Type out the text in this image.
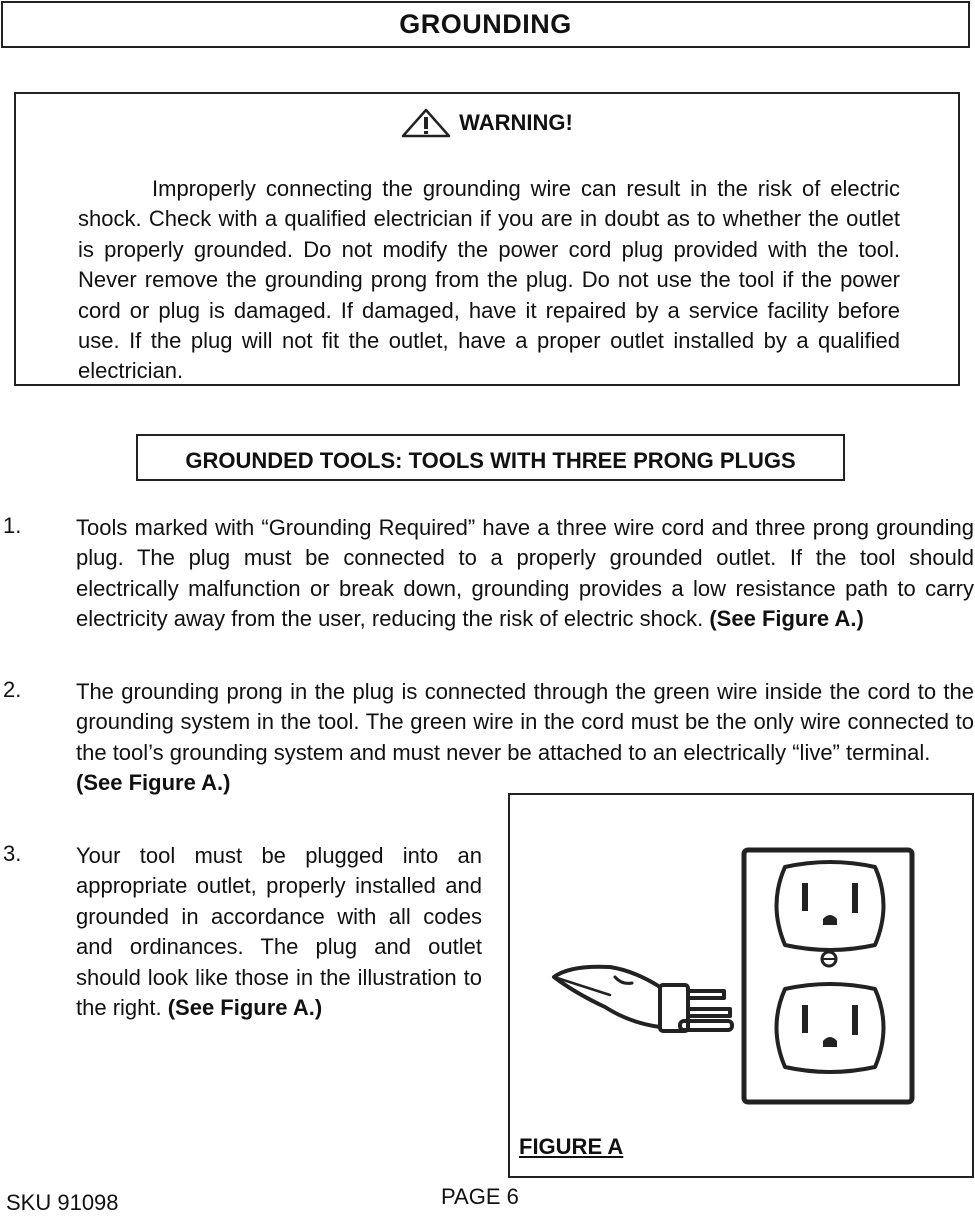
GROUNDING
WARNING!
Improperly connecting the grounding wire can result in the risk of electric shock. Check with a qualified electrician if you are in doubt as to whether the outlet is properly grounded. Do not modify the power cord plug provided with the tool. Never remove the grounding prong from the plug. Do not use the tool if the power cord or plug is damaged. If damaged, have it repaired by a service facility before use. If the plug will not fit the outlet, have a proper outlet installed by a qualified electrician.
GROUNDED TOOLS: TOOLS WITH THREE PRONG PLUGS
1. Tools marked with “Grounding Required” have a three wire cord and three prong grounding plug. The plug must be connected to a properly grounded outlet. If the tool should electrically malfunction or break down, grounding provides a low resistance path to carry electricity away from the user, reducing the risk of electric shock. (See Figure A.)
2. The grounding prong in the plug is connected through the green wire inside the cord to the grounding system in the tool. The green wire in the cord must be the only wire connected to the tool’s grounding system and must never be attached to an electrically “live” terminal.
(See Figure A.)
3. Your tool must be plugged into an appropriate outlet, properly installed and grounded in accordance with all codes and ordinances. The plug and outlet should look like those in the illustration to the right. (See Figure A.)
FIGURE A
SKU 91098	PAGE 6
